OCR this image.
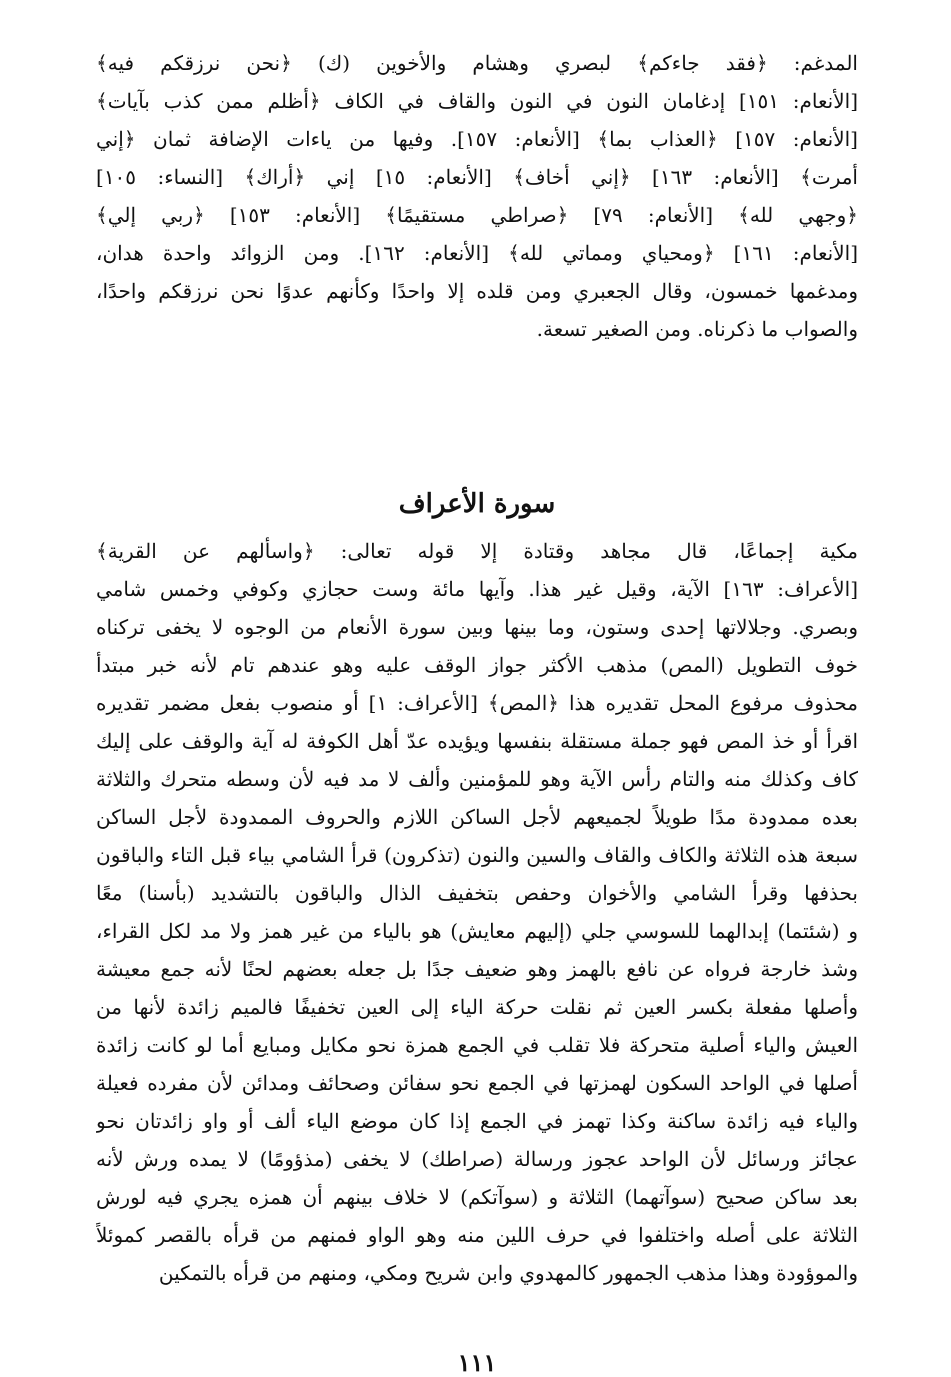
المدغم: ﴿فقد جاءكم﴾ لبصري وهشام والأخوين (ك) ﴿نحن نرزقكم فيه﴾
[الأنعام: ١٥١] إدغامان النون في النون والقاف في الكاف ﴿أظلم ممن كذب بآيات﴾
[الأنعام: ١٥٧] ﴿العذاب بما﴾ [الأنعام: ١٥٧]. وفيها من ياءات الإضافة ثمان ﴿إني
أمرت﴾ [الأنعام: ١٦٣] ﴿إني أخاف﴾ [الأنعام: ١٥] إني ﴿أراك﴾ [النساء: ١٠٥]
﴿وجهي لله﴾ [الأنعام: ٧٩] ﴿صراطي مستقيمًا﴾ [الأنعام: ١٥٣] ﴿ربي إلي﴾
[الأنعام: ١٦١] ﴿ومحياي ومماتي لله﴾ [الأنعام: ١٦٢]. ومن الزوائد واحدة هدان،
ومدغمها خمسون، وقال الجعبري ومن قلده إلا واحدًا وكأنهم عدوًا نحن نرزقكم واحدًا،
والصواب ما ذكرناه. ومن الصغير تسعة.
سورة الأعراف
مكية إجماعًا، قال مجاهد وقتادة إلا قوله تعالى: ﴿واسألهم عن القرية﴾
[الأعراف: ١٦٣] الآية، وقيل غير هذا. وآيها مائة وست حجازي وكوفي وخمس شامي
وبصري. وجلالاتها إحدى وستون، وما بينها وبين سورة الأنعام من الوجوه لا يخفى تركناه
خوف التطويل (المص) مذهب الأكثر جواز الوقف عليه وهو عندهم تام لأنه خبر مبتدأ
محذوف مرفوع المحل تقديره هذا ﴿المص﴾ [الأعراف: ١] أو منصوب بفعل مضمر تقديره
اقرأ أو خذ المص فهو جملة مستقلة بنفسها ويؤيده عدّ أهل الكوفة له آية والوقف على إليك
كاف وكذلك منه والتام رأس الآية وهو للمؤمنين وألف لا مد فيه لأن وسطه متحرك والثلاثة
بعده ممدودة مدًا طويلاً لجميعهم لأجل الساكن اللازم والحروف الممدودة لأجل الساكن
سبعة هذه الثلاثة والكاف والقاف والسين والنون (تذكرون) قرأ الشامي بياء قبل التاء والباقون
بحذفها وقرأ الشامي والأخوان وحفص بتخفيف الذال والباقون بالتشديد (بأسنا) معًا
و (شئتما) إبدالهما للسوسي جلي (إليهم معايش) هو بالياء من غير همز ولا مد لكل القراء،
وشذ خارجة فرواه عن نافع بالهمز وهو ضعيف جدًا بل جعله بعضهم لحنًا لأنه جمع معيشة
وأصلها مفعلة بكسر العين ثم نقلت حركة الياء إلى العين تخفيفًا فالميم زائدة لأنها من
العيش والياء أصلية متحركة فلا تقلب في الجمع همزة نحو مكايل ومبايع أما لو كانت زائدة
أصلها في الواحد السكون لهمزتها في الجمع نحو سفائن وصحائف ومدائن لأن مفرده فعيلة
والياء فيه زائدة ساكنة وكذا تهمز في الجمع إذا كان موضع الياء ألف أو واو زائدتان نحو
عجائز ورسائل لأن الواحد عجوز ورسالة (صراطك) لا يخفى (مذؤومًا) لا يمده ورش لأنه
بعد ساكن صحيح (سوآتهما) الثلاثة و (سوآتكم) لا خلاف بينهم أن همزه يجري فيه لورش
الثلاثة على أصله واختلفوا في حرف اللين منه وهو الواو فمنهم من قرأه بالقصر كموئلاً
والموؤودة وهذا مذهب الجمهور كالمهدوي وابن شريح ومكي، ومنهم من قرأه بالتمكين
١١١
